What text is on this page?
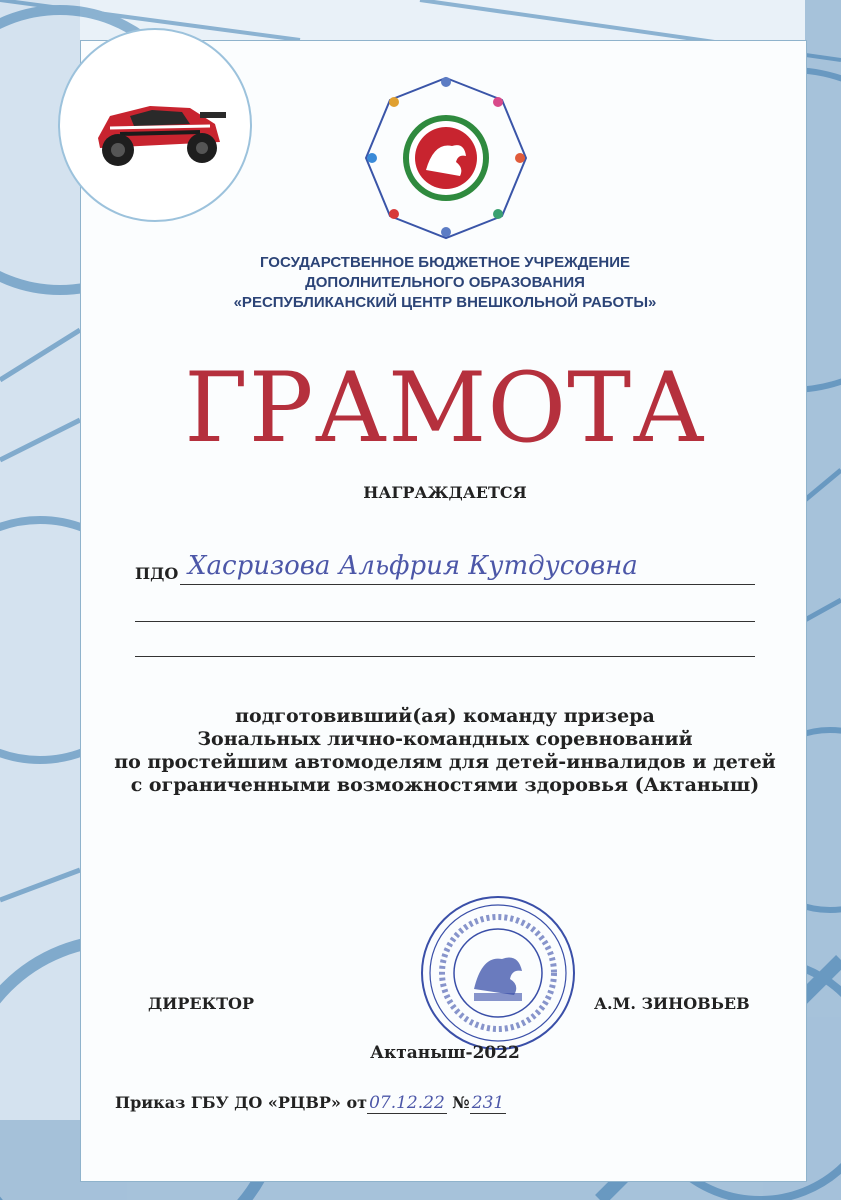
ГОСУДАРСТВЕННОЕ БЮДЖЕТНОЕ УЧРЕЖДЕНИЕ
ДОПОЛНИТЕЛЬНОГО ОБРАЗОВАНИЯ
«РЕСПУБЛИКАНСКИЙ ЦЕНТР ВНЕШКОЛЬНОЙ РАБОТЫ»
ГРАМОТА
НАГРАЖДАЕТСЯ
ПДО Хасризова Альфрия Кутдусовна
подготовивший(ая) команду призера
Зональных лично-командных соревнований
по простейшим автомоделям для детей-инвалидов и детей
с ограниченными возможностями здоровья (Актаныш)
ДИРЕКТОР	А.М. ЗИНОВЬЕВ
Актаныш-2022
Приказ ГБУ ДО «РЦВР» от 07.12.22 № 231
